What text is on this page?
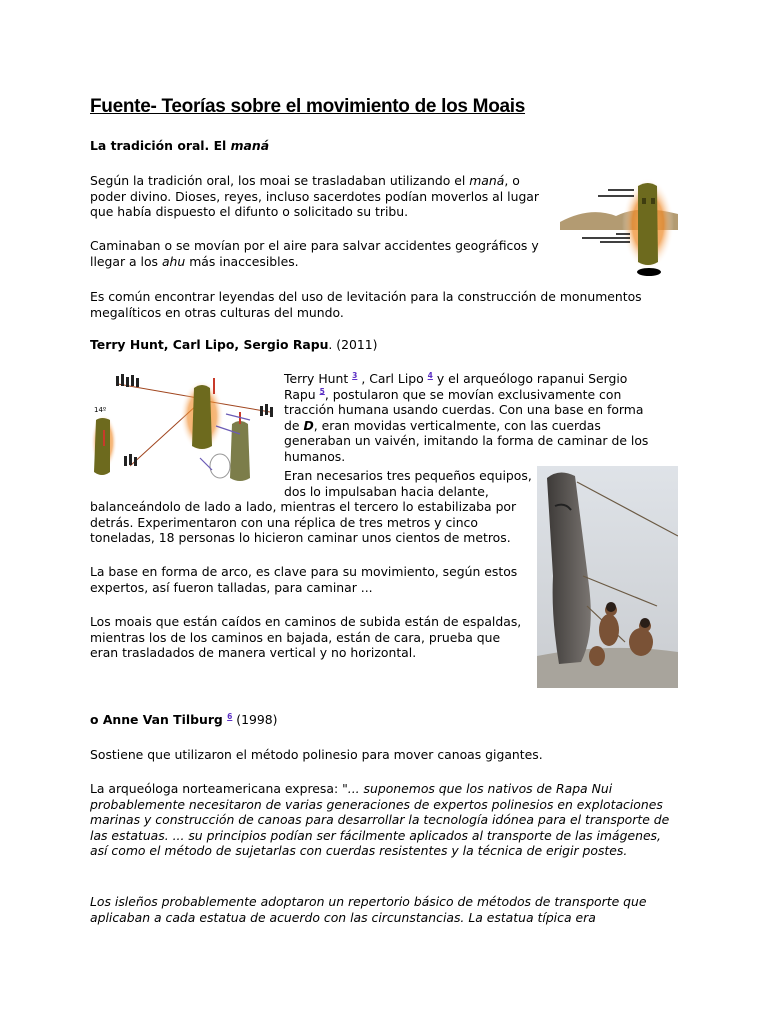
Fuente- Teorías sobre el movimiento de los Moais
La tradición oral. El maná

Según la tradición oral, los moai se trasladaban utilizando el maná, o poder divino. Dioses, reyes, incluso sacerdotes podían moverlos al lugar que había dispuesto el difunto o solicitado su tribu.

Caminaban o se movían por el aire para salvar accidentes geográficos y llegar a los ahu más inaccesibles.

Es común encontrar leyendas del uso de levitación para la construcción de monumentos megalíticos en otras culturas del mundo.

Terry Hunt, Carl Lipo, Sergio Rapu. (2011)
14º

Terry Hunt $^3$ , Carl Lipo $^4$ y el arqueólogo rapanui Sergio Rapu $^5$, postularon que se movían exclusivamente con tracción humana usando cuerdas. Con una base en forma de D, eran movidas verticalmente, con las cuerdas generaban un vaivén, imitando la forma de caminar de los humanos.

Eran necesarios tres pequeños equipos,
dos lo impulsaban hacia delante,

balanceándolo de lado a lado, mientras el tercero lo estabilizaba por detrás. Experimentaron con una réplica de tres metros y cinco toneladas, 18 personas lo hicieron caminar unos cientos de metros.

La base en forma de arco, es clave para su movimiento, según estos expertos, así fueron talladas, para caminar ...

Los moais que están caídos en caminos de subida están de espaldas, mientras los de los caminos en bajada, están de cara, prueba que eran trasladados de manera vertical y no horizontal.

o Anne Van Tilburg $^6$ (1998)

Sostiene que utilizaron el método polinesio para mover canoas gigantes.

La arqueóloga norteamericana expresa: "... suponemos que los nativos de Rapa Nui probablemente necesitaron de varias generaciones de expertos polinesios en explotaciones marinas y construcción de canoas para desarrollar la tecnología idónea para el transporte de las estatuas. ... su principios podían ser fácilmente aplicados al transporte de las imágenes, así como el método de sujetarlas con cuerdas resistentes y la técnica de erigir postes.

Los isleños probablemente adoptaron un repertorio básico de métodos de transporte que aplicaban a cada estatua de acuerdo con las circunstancias. La estatua típica era
